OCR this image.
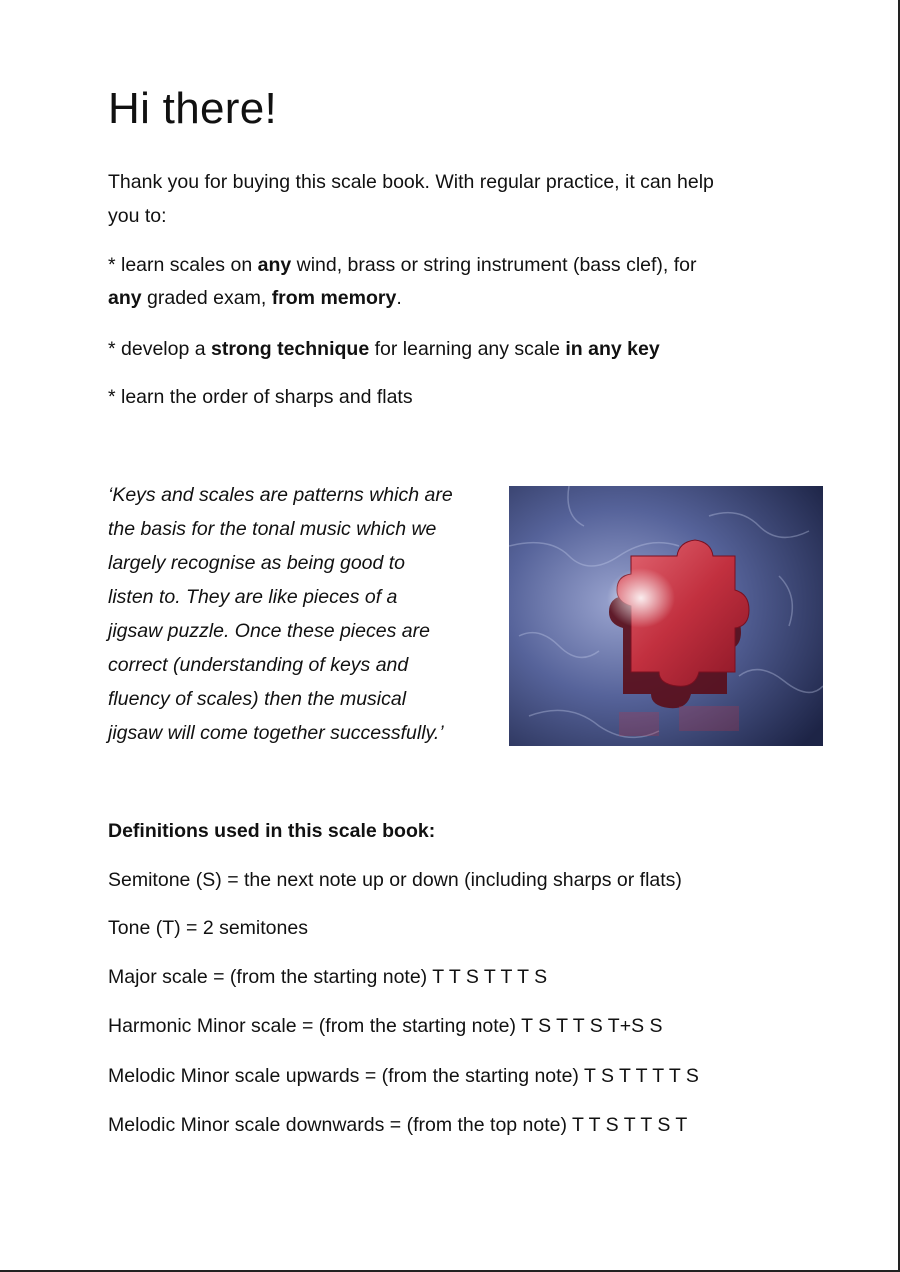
Hi there!
Thank you for buying this scale book. With regular practice, it can help
you to:
* learn scales on any wind, brass or string instrument (bass clef), for
any graded exam, from memory.
* develop a strong technique for learning any scale in any key
* learn the order of sharps and flats
‘Keys and scales are patterns which are
the basis for the tonal music which we
largely recognise as being good to
listen to. They are like pieces of a
jigsaw puzzle. Once these pieces are
correct (understanding of keys and
fluency of scales) then the musical
jigsaw will come together successfully.’
Definitions used in this scale book:
Semitone (S) = the next note up or down (including sharps or flats)
Tone (T) = 2 semitones
Major scale = (from the starting note) T T S T T T S
Harmonic Minor scale = (from the starting note) T S T T S T+S S
Melodic Minor scale upwards = (from the starting note) T S T T T T S
Melodic Minor scale downwards = (from the top note) T T S T T S T
